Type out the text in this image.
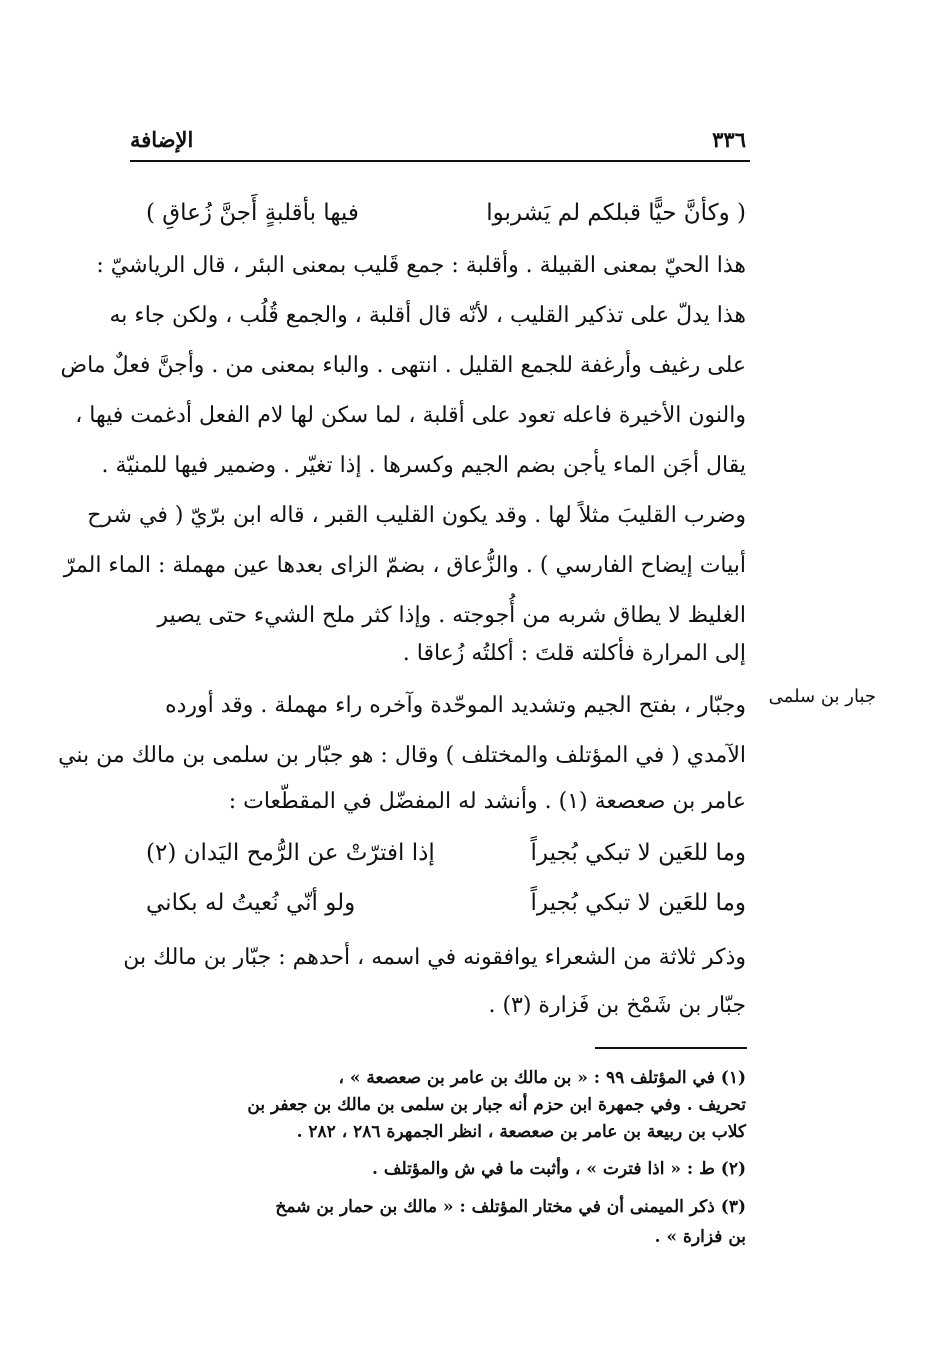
٣٣٦
الإضافة
( وكأنَّ حيًّا قبلكم لم يَشربوا
فيها بأقلبةٍ أَجنَّ زُعاقِ )
هذا الحيّ بمعنى القبيلة . وأقلبة : جمع قَليب بمعنى البئر ، قال الرياشيّ :
هذا يدلّ على تذكير القليب ، لأنّه قال أقلبة ، والجمع قُلُب ، ولكن جاء به
على رغيف وأرغفة للجمع القليل . انتهى . والباء بمعنى من . وأجنَّ فعلٌ ماض
والنون الأخيرة فاعله تعود على أقلبة ، لما سكن لها لام الفعل أدغمت فيها ،
يقال أجَن الماء يأجن بضم الجيم وكسرها . إذا تغيّر . وضمير فيها للمنيّة .
وضرب القليبَ مثلاً لها . وقد يكون القليب القبر ، قاله ابن برّيّ ( في شرح
أبيات إيضاح الفارسي ) . والزُّعاق ، بضمّ الزاى بعدها عين مهملة : الماء المرّ
الغليظ لا يطاق شربه من أُجوجته . وإذا كثر ملح الشيء حتى يصير
إلى المرارة فأكلته قلتَ : أكلتُه زُعاقا .
جبار بن سلمى
وجبّار ، بفتح الجيم وتشديد الموحّدة وآخره راء مهملة . وقد أورده
الآمدي ( في المؤتلف والمختلف ) وقال : هو جبّار بن سلمى بن مالك من بني
عامر بن صعصعة (١) . وأنشد له المفضّل في المقطّعات :
وما للعَين لا تبكي بُجيراً
إذا افترّتْ عن الرُّمح اليَدان (٢)
وما للعَين لا تبكي بُجيراً
ولو أنّي نُعيتُ له بكاني
وذكر ثلاثة من الشعراء يوافقونه في اسمه ، أحدهم : جبّار بن مالك بن
جبّار بن شَمْخ بن فَزارة (٣) .
(١) في المؤتلف ٩٩ : « بن مالك بن عامر بن صعصعة » ،
تحريف . وفي جمهرة ابن حزم أنه جبار بن سلمى بن مالك بن جعفر بن
كلاب بن ربيعة بن عامر بن صعصعة ، انظر الجمهرة ٢٨٦ ، ٢٨٢ .
(٢) ط : « اذا فترت » ، وأثبت ما في ش والمؤتلف .
(٣) ذكر الميمنى أن في مختار المؤتلف : « مالك بن حمار بن شمخ
بن فزارة » .
